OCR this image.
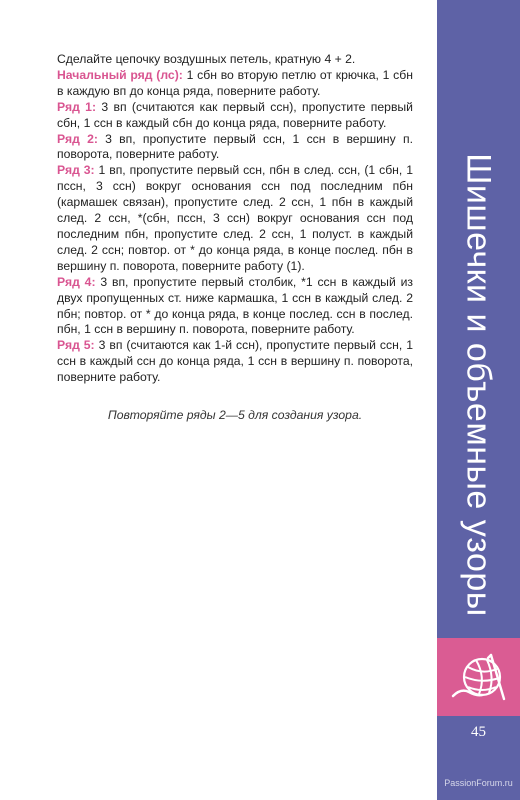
Сделайте цепочку воздушных петель, кратную 4 + 2.

Начальный ряд (лс): 1 сбн во вторую петлю от крючка, 1 сбн в каждую вп до конца ряда, поверните работу.

Ряд 1: 3 вп (считаются как первый ссн), пропустите первый сбн, 1 ссн в каждый сбн до конца ряда, поверните работу.

Ряд 2: 3 вп, пропустите первый ссн, 1 ссн в вершину п. поворота, поверните работу.

Ряд 3: 1 вп, пропустите первый ссн, пбн в след. ссн, (1 сбн, 1 пссн, 3 ссн) вокруг основания ссн под последним пбн (кармашек связан), пропустите след. 2 ссн, 1 пбн в каждый след. 2 ссн, *(сбн, пссн, 3 ссн) вокруг основания ссн под последним пбн, пропустите след. 2 ссн, 1 полуст. в каждый след. 2 ссн; повтор. от * до конца ряда, в конце послед. пбн в вершину п. поворота, поверните работу (1).

Ряд 4: 3 вп, пропустите первый столбик, *1 ссн в каждый из двух пропущенных ст. ниже кармашка, 1 ссн в каждый след. 2 пбн; повтор. от * до конца ряда, в конце послед. ссн в послед. пбн, 1 ссн в вершину п. поворота, поверните работу.

Ряд 5: 3 вп (считаются как 1-й ссн), пропустите первый ссн, 1 ссн в каждый ссн до конца ряда, 1 ссн в вершину п. поворота, поверните работу.

Повторяйте ряды 2—5 для создания узора.	Шишечки и объемные узоры
45
PassionForum.ru
